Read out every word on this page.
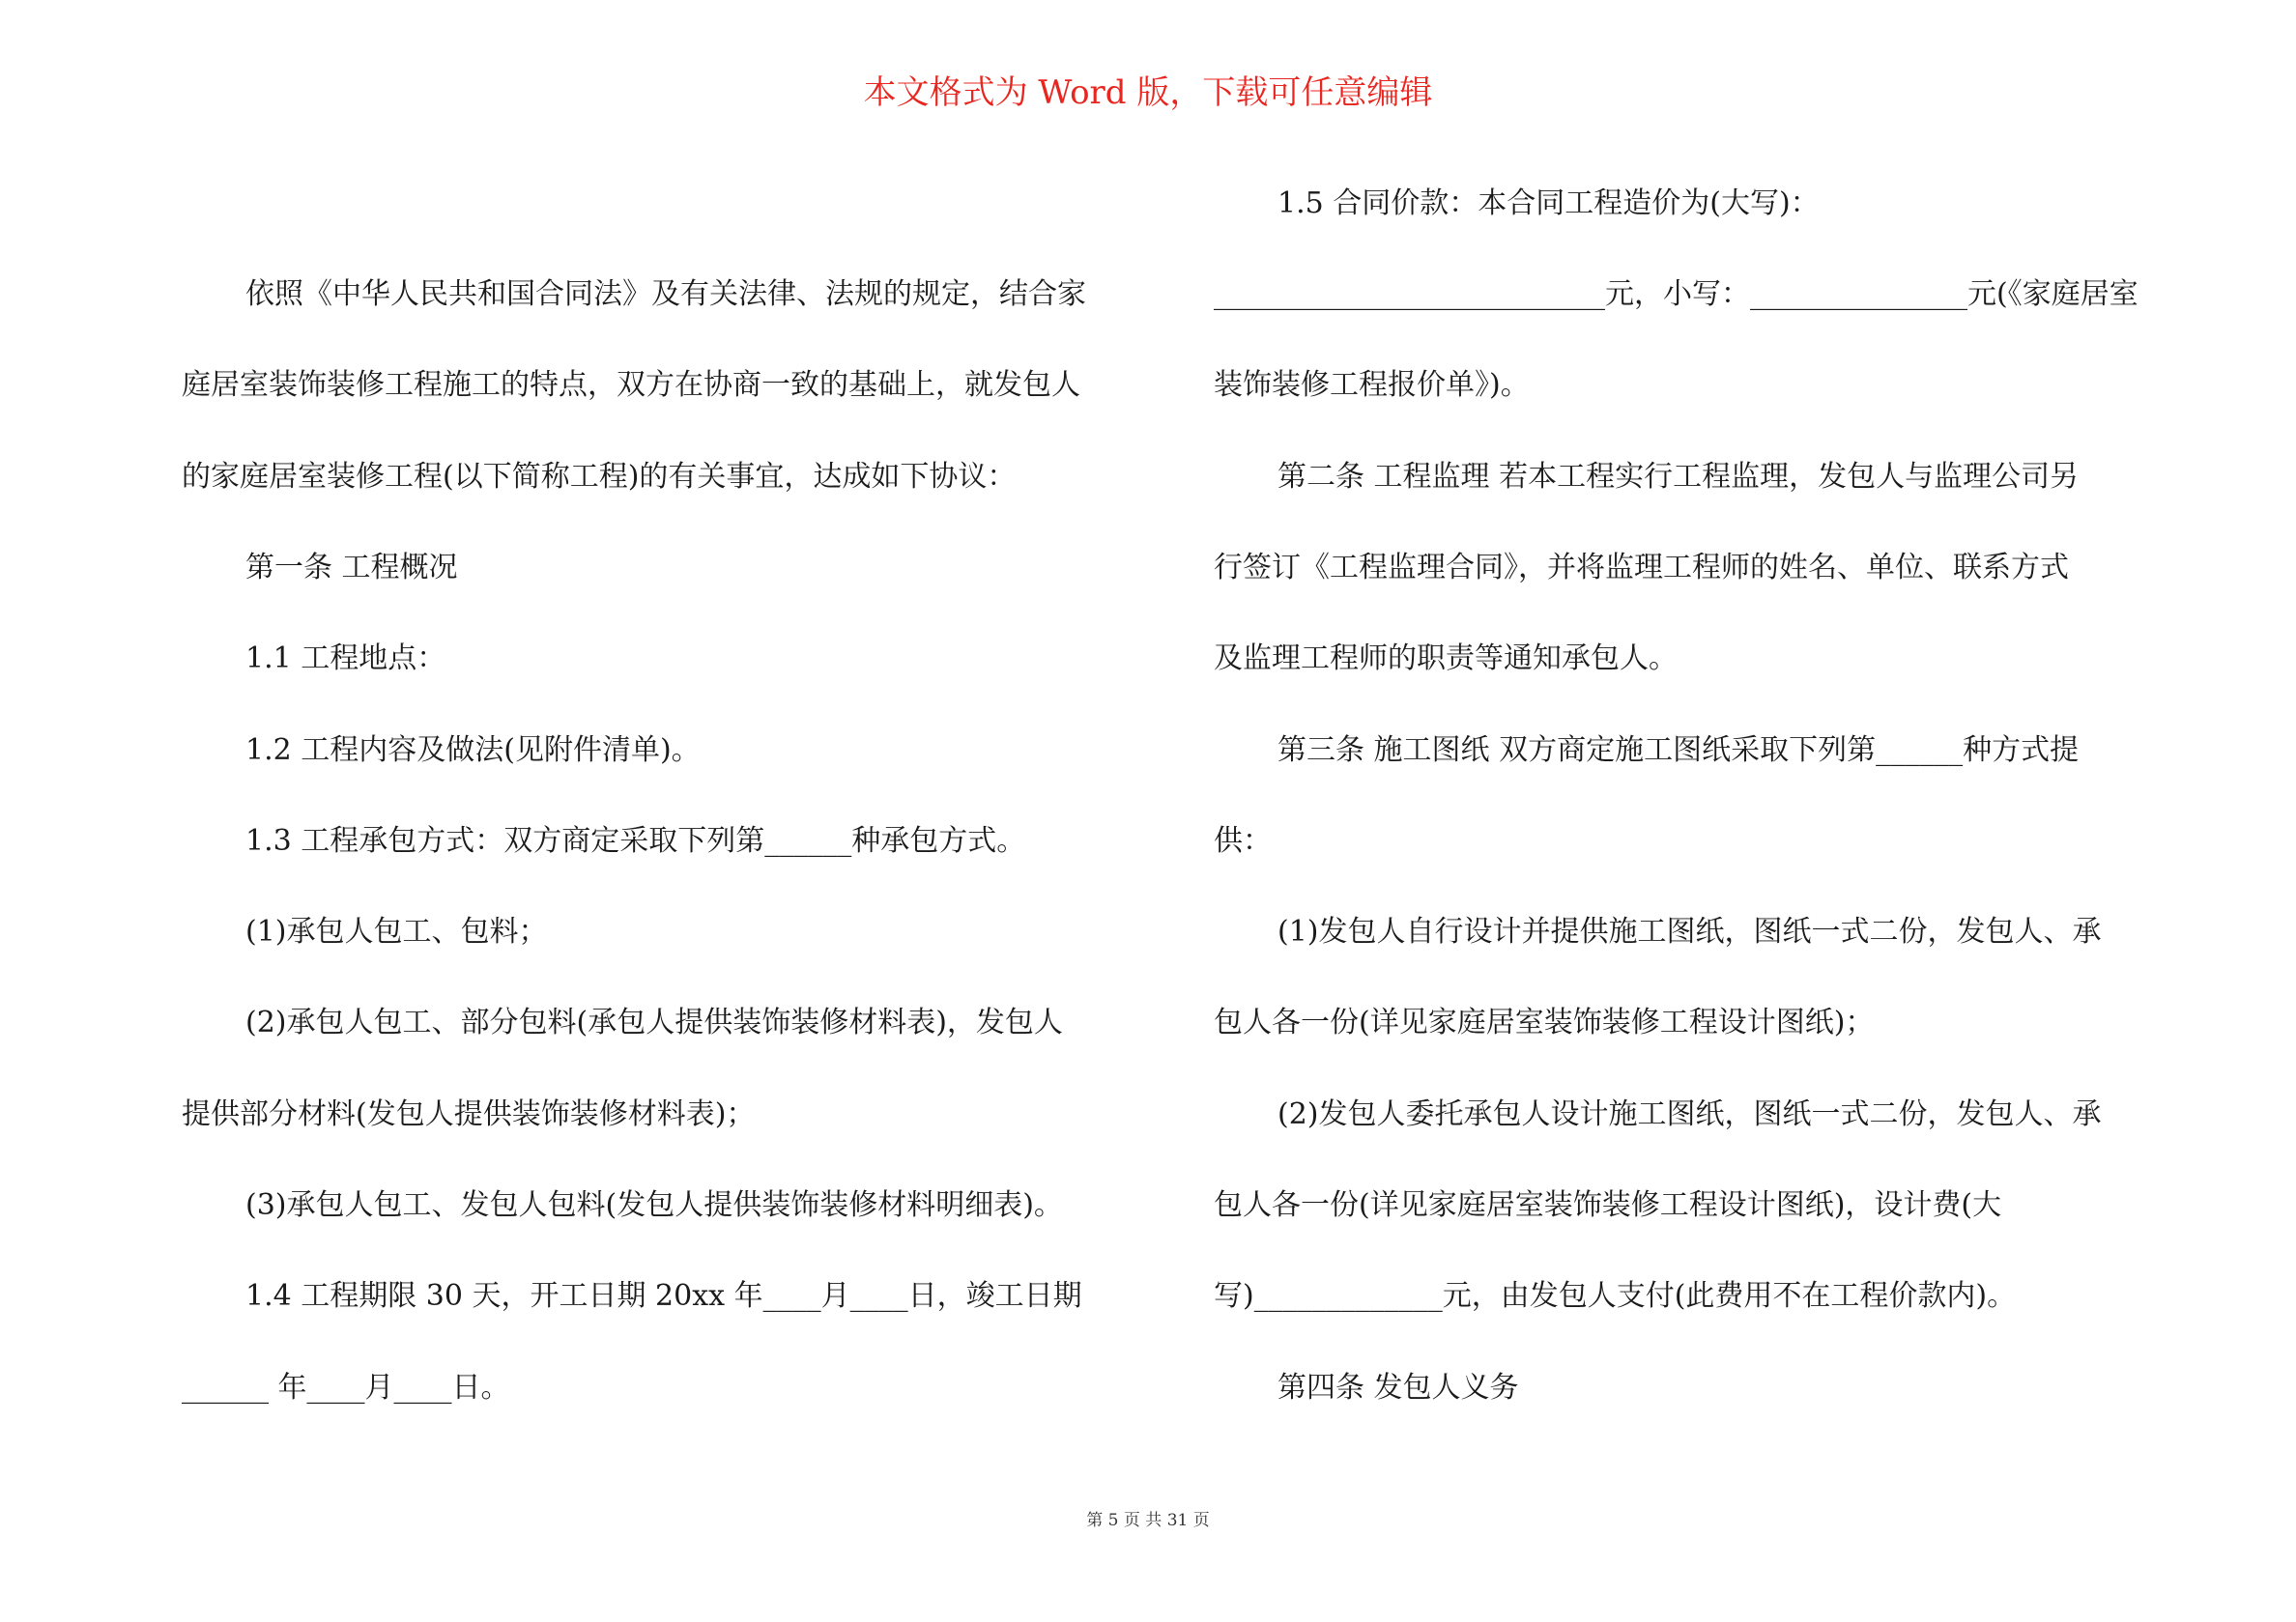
本文格式为 Word 版，下载可任意编辑
依照《中华人民共和国合同法》及有关法律、法规的规定，结合家
庭居室装饰装修工程施工的特点，双方在协商一致的基础上，就发包人
的家庭居室装修工程(以下简称工程)的有关事宜，达成如下协议：
第一条 工程概况
1.1 工程地点：
1.2 工程内容及做法(见附件清单)。
1.3 工程承包方式：双方商定采取下列第______种承包方式。
(1)承包人包工、包料；
(2)承包人包工、部分包料(承包人提供装饰装修材料表)，发包人
提供部分材料(发包人提供装饰装修材料表)；
(3)承包人包工、发包人包料(发包人提供装饰装修材料明细表)。
1.4 工程期限 30 天，开工日期 20xx 年____月____日，竣工日期
______ 年____月____日。
1.5 合同价款：本合同工程造价为(大写)：
___________________________元，小写：_______________元(《家庭居室
装饰装修工程报价单》)。
第二条 工程监理 若本工程实行工程监理，发包人与监理公司另
行签订《工程监理合同》，并将监理工程师的姓名、单位、联系方式
及监理工程师的职责等通知承包人。
第三条 施工图纸 双方商定施工图纸采取下列第______种方式提
供：
(1)发包人自行设计并提供施工图纸，图纸一式二份，发包人、承
包人各一份(详见家庭居室装饰装修工程设计图纸)；
(2)发包人委托承包人设计施工图纸，图纸一式二份，发包人、承
包人各一份(详见家庭居室装饰装修工程设计图纸)，设计费(大
写)_____________元，由发包人支付(此费用不在工程价款内)。
第四条 发包人义务
第 5 页 共 31 页
